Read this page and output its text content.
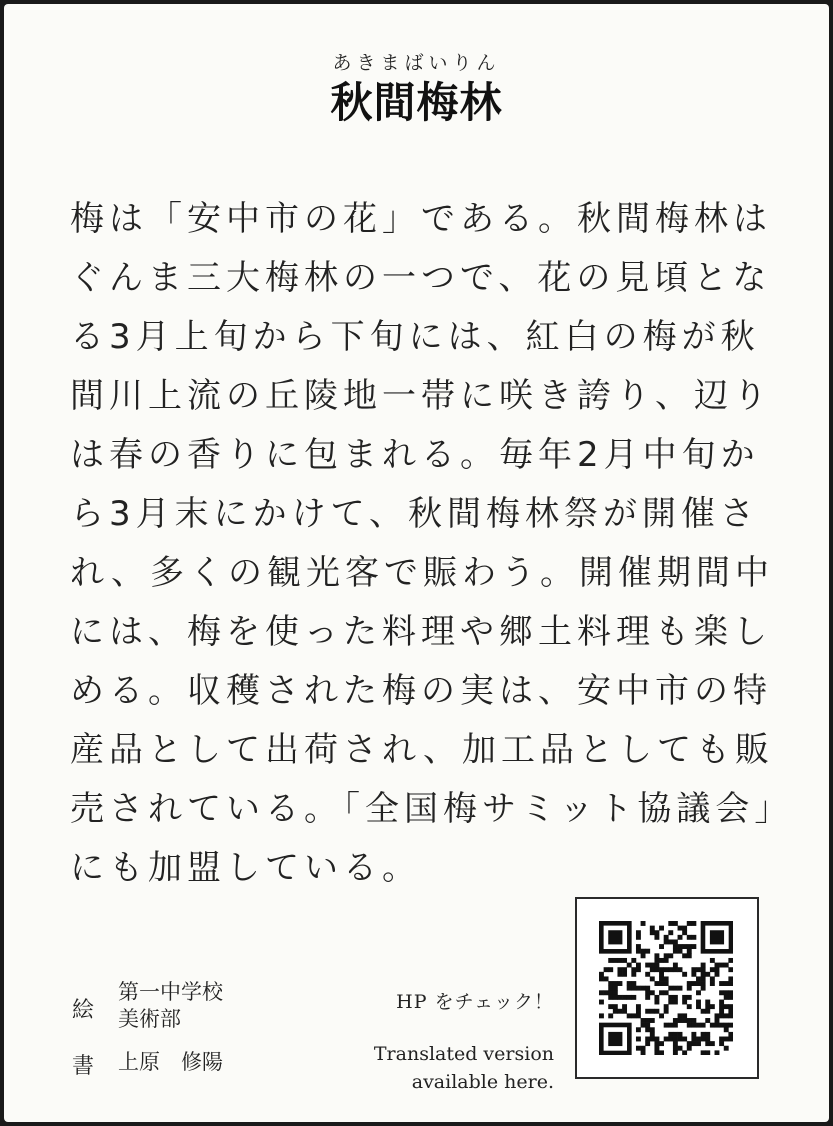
あきまばいりん
秋間梅林
梅は「安中市の花」である。秋間梅林は
ぐんま三大梅林の一つで、花の見頃とな
る3月上旬から下旬には、紅白の梅が秋
間川上流の丘陵地一帯に咲き誇り、辺り
は春の香りに包まれる。毎年2月中旬か
ら3月末にかけて、秋間梅林祭が開催さ
れ、多くの観光客で賑わう。開催期間中
には、梅を使った料理や郷土料理も楽し
める。収穫された梅の実は、安中市の特
産品として出荷され、加工品としても販
売されている。「全国梅サミット協議会」
にも加盟している。
絵
第一中学校
美術部
書	上原　修陽
HP をチェック！
Translated version
available here.
